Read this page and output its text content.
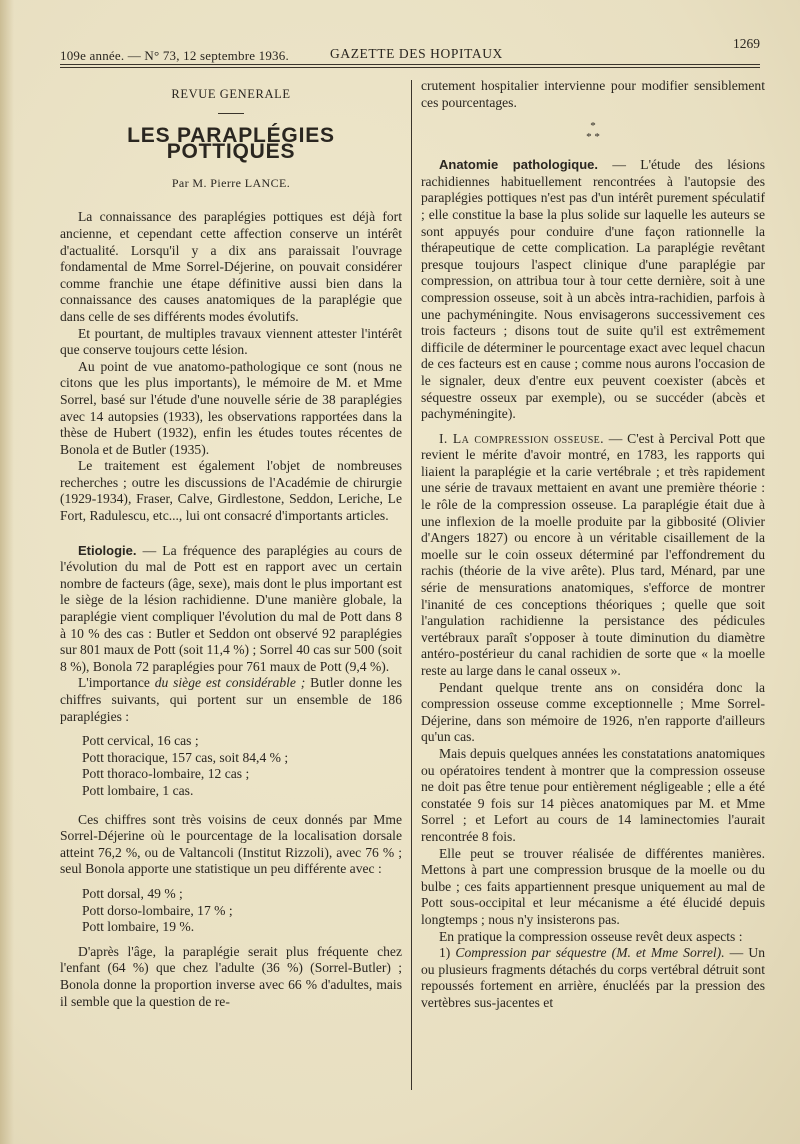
109e année. — N° 73, 12 septembre 1936.	GAZETTE DES HOPITAUX
1269

REVUE GENERALE

LES PARAPLÉGIES POTTIQUES

Par M. Pierre LANCE.

La connaissance des paraplégies pottiques est déjà fort ancienne, et cependant cette affection conserve un intérêt d'actualité. Lorsqu'il y a dix ans paraissait l'ouvrage fondamental de Mme Sorrel-Déjerine, on pouvait considérer comme franchie une étape définitive aussi bien dans la connaissance des causes anatomiques de la paraplégie que dans celle de ses différents modes évolutifs.

Et pourtant, de multiples travaux viennent attester l'intérêt que conserve toujours cette lésion.

Au point de vue anatomo-pathologique ce sont (nous ne citons que les plus importants), le mémoire de M. et Mme Sorrel, basé sur l'étude d'une nouvelle série de 38 paraplégies avec 14 autopsies (1933), les observations rapportées dans la thèse de Hubert (1932), enfin les études toutes récentes de Bonola et de Butler (1935).

Le traitement est également l'objet de nombreuses recherches ; outre les discussions de l'Académie de chirurgie (1929-1934), Fraser, Calve, Girdlestone, Seddon, Leriche, Le Fort, Radulescu, etc..., lui ont consacré d'importants articles.

Etiologie. — La fréquence des paraplégies au cours de l'évolution du mal de Pott est en rapport avec un certain nombre de facteurs (âge, sexe), mais dont le plus important est le siège de la lésion rachidienne. D'une manière globale, la paraplégie vient compliquer l'évolution du mal de Pott dans 8 à 10 % des cas : Butler et Seddon ont observé 92 paraplégies sur 801 maux de Pott (soit 11,4 %) ; Sorrel 40 cas sur 500 (soit 8 %), Bonola 72 paraplégies pour 761 maux de Pott (9,4 %).

L'importance du siège est considérable ; Butler donne les chiffres suivants, qui portent sur un ensemble de 186 paraplégies :

Pott cervical, 16 cas ;
Pott thoracique, 157 cas, soit 84,4 % ;
Pott thoraco-lombaire, 12 cas ;
Pott lombaire, 1 cas.

Ces chiffres sont très voisins de ceux donnés par Mme Sorrel-Déjerine où le pourcentage de la localisation dorsale atteint 76,2 %, ou de Valtancoli (Institut Rizzoli), avec 76 % ; seul Bonola apporte une statistique un peu différente avec :

Pott dorsal, 49 % ;
Pott dorso-lombaire, 17 % ;
Pott lombaire, 19 %.

D'après l'âge, la paraplégie serait plus fréquente chez l'enfant (64 %) que chez l'adulte (36 %) (Sorrel-Butler) ; Bonola donne la proportion inverse avec 66 % d'adultes, mais il semble que la question de re-

crutement hospitalier intervienne pour modifier sensiblement ces pourcentages.

*
* *

Anatomie pathologique. — L'étude des lésions rachidiennes habituellement rencontrées à l'autopsie des paraplégies pottiques n'est pas d'un intérêt purement spéculatif ; elle constitue la base la plus solide sur laquelle les auteurs se sont appuyés pour conduire d'une façon rationnelle la thérapeutique de cette complication. La paraplégie revêtant presque toujours l'aspect clinique d'une paraplégie par compression, on attribua tour à tour cette dernière, soit à une compression osseuse, soit à un abcès intra-rachidien, parfois à une pachyméningite. Nous envisagerons successivement ces trois facteurs ; disons tout de suite qu'il est extrêmement difficile de déterminer le pourcentage exact avec lequel chacun de ces facteurs est en cause ; comme nous aurons l'occasion de le signaler, deux d'entre eux peuvent coexister (abcès et séquestre osseux par exemple), ou se succéder (abcès et pachyméningite).

I. La compression osseuse. — C'est à Percival Pott que revient le mérite d'avoir montré, en 1783, les rapports qui liaient la paraplégie et la carie vertébrale ; et très rapidement une série de travaux mettaient en avant une première théorie : le rôle de la compression osseuse. La paraplégie était due à une inflexion de la moelle produite par la gibbosité (Olivier d'Angers 1827) ou encore à un véritable cisaillement de la moelle sur le coin osseux déterminé par l'effondrement du rachis (théorie de la vive arête). Plus tard, Ménard, par une série de mensurations anatomiques, s'efforce de montrer l'inanité de ces conceptions théoriques ; quelle que soit l'angulation rachidienne la persistance des pédicules vertébraux paraît s'opposer à toute diminution du diamètre antéro-postérieur du canal rachidien de sorte que « la moelle reste au large dans le canal osseux ».

Pendant quelque trente ans on considéra donc la compression osseuse comme exceptionnelle ; Mme Sorrel-Déjerine, dans son mémoire de 1926, n'en rapporte d'ailleurs qu'un cas.

Mais depuis quelques années les constatations anatomiques ou opératoires tendent à montrer que la compression osseuse ne doit pas être tenue pour entièrement négligeable ; elle a été constatée 9 fois sur 14 pièces anatomiques par M. et Mme Sorrel ; et Lefort au cours de 14 laminectomies l'aurait rencontrée 8 fois.

Elle peut se trouver réalisée de différentes manières. Mettons à part une compression brusque de la moelle ou du bulbe ; ces faits appartiennent presque uniquement au mal de Pott sous-occipital et leur mécanisme a été élucidé depuis longtemps ; nous n'y insisterons pas.

En pratique la compression osseuse revêt deux aspects :

1) Compression par séquestre (M. et Mme Sorrel). — Un ou plusieurs fragments détachés du corps vertébral détruit sont repoussés fortement en arrière, énucléés par la pression des vertèbres sus-jacentes et
